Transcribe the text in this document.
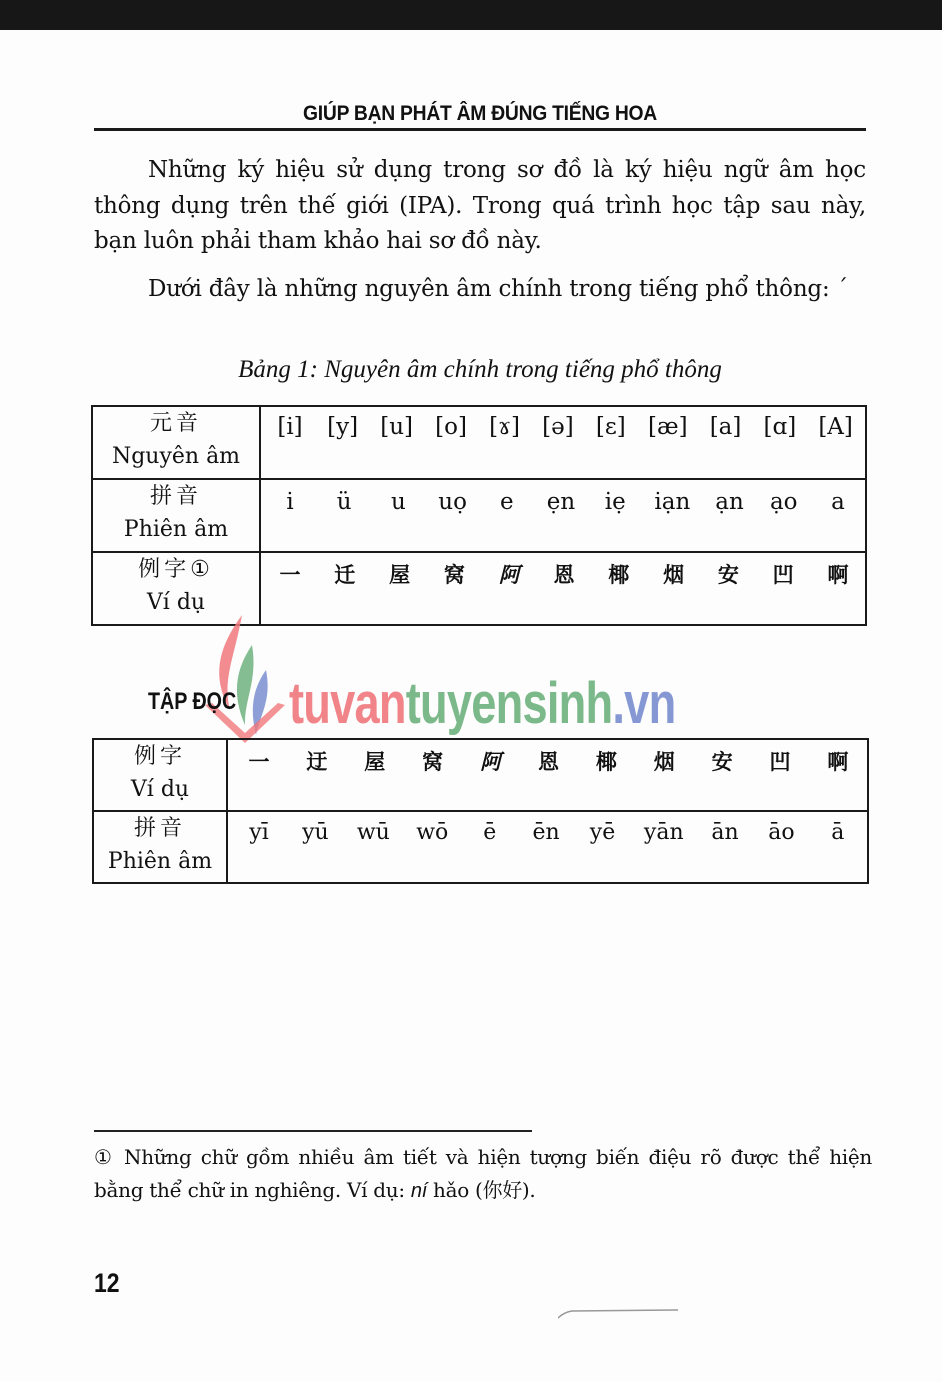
GIÚP BẠN PHÁT ÂM ĐÚNG TIẾNG HOA
Những ký hiệu sử dụng trong sơ đồ là ký hiệu ngữ âm học thông dụng trên thế giới (IPA). Trong quá trình học tập sau này, bạn luôn phải tham khảo hai sơ đồ này.
Dưới đây là những nguyên âm chính trong tiếng phổ thông: ˊ
Bảng 1: Nguyên âm chính trong tiếng phổ thông
元音
Nguyên âm

[i] [y] [u] [o] [ɤ] [ə] [ɛ] [æ] [a] [ɑ] [A]

拼音
Phiên âm

i	ü	u	uọ	e	ẹn iẹ iạn ạn ạo	a

例字①
Ví dụ

一 迁 屋 窝 阿 恩 椰 烟 安 凹 啊
TẬP ĐỌC tuvantuyensinh.vn
例字
Ví dụ

一 迂 屋 窝 阿 恩 椰 烟 安 凹 啊

拼音
Phiên âm

yī yū wū wō	ē	ēn yē yān ān āo	ā
① Những chữ gồm nhiều âm tiết và hiện tượng biến điệu rõ được thể hiện bằng thể chữ in nghiêng. Ví dụ: ní hǎo (你好).
12
